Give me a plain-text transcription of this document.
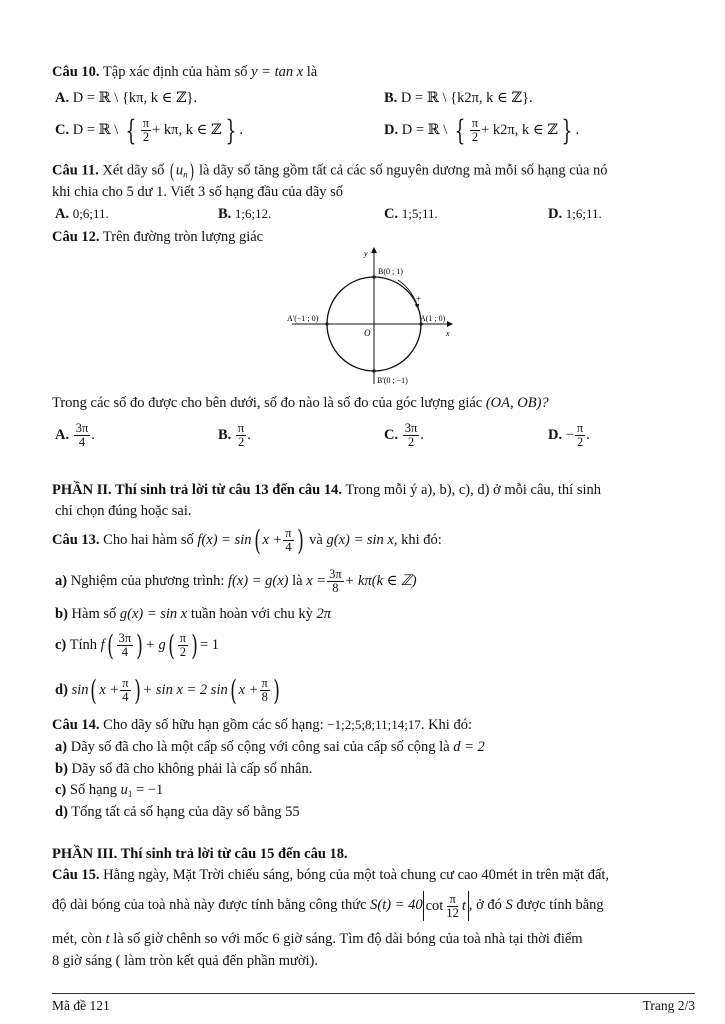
Câu 10. Tập xác định của hàm số y = tan x là
A. D = ℝ \ {kπ, k ∈ ℤ}.	B. D = ℝ \ {k2π, k ∈ ℤ}.
C. D = ℝ \ { $\frac{\pi}{2} + k\pi$, k ∈ ℤ } .	D. D = ℝ \ { $\frac{\pi}{2} + k2\pi$, k ∈ ℤ } .
Câu 11. Xét dãy số ( $u_n$) là dãy số tăng gồm tất cả các số nguyên dương mà mỗi số hạng của nó
khi chia cho 5 dư 1. Viết 3 số hạng đầu của dãy số
A. 0;6;11.	B. 1;6;12.	C. 1;5;11.	D. 1;6;11.
Câu 12. Trên đường tròn lượng giác
y
x
O
+
B(0 ; 1)
A'(−1 ; 0)	A(1 ; 0)
B'(0 ; −1)
Trong các số đo được cho bên dưới, số đo nào là số đo của góc lượng giác (OA, OB)?
A. $\frac{3\pi}{4}$ .	B. $\frac{\pi}{2}$ .	C. $\frac{3\pi}{2}$ .	D. − $\frac{\pi}{2}$ .
PHẦN II. Thí sinh trả lời từ câu 13 đến câu 14. Trong mỗi ý a), b), c), d) ở mỗi câu, thí sinh
chỉ chọn đúng hoặc sai.
Câu 13. Cho hai hàm số f(x) = sin( $x + \frac{\pi}{4}$ ) và g(x) = sin x, khi đó:
a) Nghiệm của phương trình: f(x) = g(x) là $x = \frac{3\pi}{8} + k\pi(k$ ∈ ℤ)
b) Hàm số g(x) = sin x tuần hoàn với chu kỳ 2π
c) Tính $f( \frac{3\pi}{4}$ ) + $g( \frac{\pi}{2}$ ) = 1
d) sin( $x + \frac{\pi}{4}$ ) + sin x = 2 sin( $x + \frac{\pi}{8}$ )
Câu 14. Cho dãy số hữu hạn gồm các số hạng: −1;2;5;8;11;14;17. Khi đó:
a) Dãy số đã cho là một cấp số cộng với công sai của cấp số cộng là d = 2
b) Dãy số đã cho không phải là cấp số nhân.
c) Số hạng $u_1 = -1$
d) Tổng tất cả số hạng của dãy số bằng 55
PHẦN III. Thí sinh trả lời từ câu 15 đến câu 18.
Câu 15. Hằng ngày, Mặt Trời chiếu sáng, bóng của một toà chung cư cao 40mét in trên mặt đất,
độ dài bóng của toà nhà này được tính bằng công thức S(t) = 40 $\cot \frac{\pi}{12}$ t , ở đó S được tính bằng
mét, còn t là số giờ chênh so với mốc 6 giờ sáng. Tìm độ dài bóng của toà nhà tại thời điểm
8 giờ sáng ( làm tròn kết quả đến phần mười).
Mã đề 121	Trang 2/3
